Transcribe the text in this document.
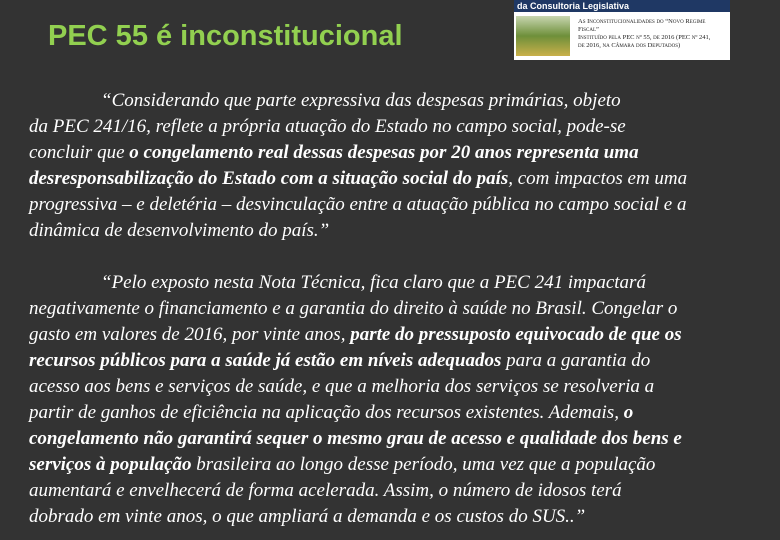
PEC 55 é inconstitucional
da Consultoria Legislativa
As Inconstitucionalidades do “Novo Regime Fiscal”
Instituído pela PEC nº 55, de 2016 (PEC nº 241,
de 2016, na Câmara dos Deputados)
“Considerando que parte expressiva das despesas primárias, objeto
da PEC 241/16, reflete a própria atuação do Estado no campo social, pode-se
concluir que o congelamento real dessas despesas por 20 anos representa uma
desresponsabilização do Estado com a situação social do país, com impactos em uma
progressiva – e deletéria – desvinculação entre a atuação pública no campo social e a
dinâmica de desenvolvimento do país.”
“Pelo exposto nesta Nota Técnica, fica claro que a PEC 241 impactará
negativamente o financiamento e a garantia do direito à saúde no Brasil. Congelar o
gasto em valores de 2016, por vinte anos, parte do pressuposto equivocado de que os
recursos públicos para a saúde já estão em níveis adequados para a garantia do
acesso aos bens e serviços de saúde, e que a melhoria dos serviços se resolveria a
partir de ganhos de eficiência na aplicação dos recursos existentes. Ademais, o
congelamento não garantirá sequer o mesmo grau de acesso e qualidade dos bens e
serviços à população brasileira ao longo desse período, uma vez que a população
aumentará e envelhecerá de forma acelerada. Assim, o número de idosos terá
dobrado em vinte anos, o que ampliará a demanda e os custos do SUS..”
